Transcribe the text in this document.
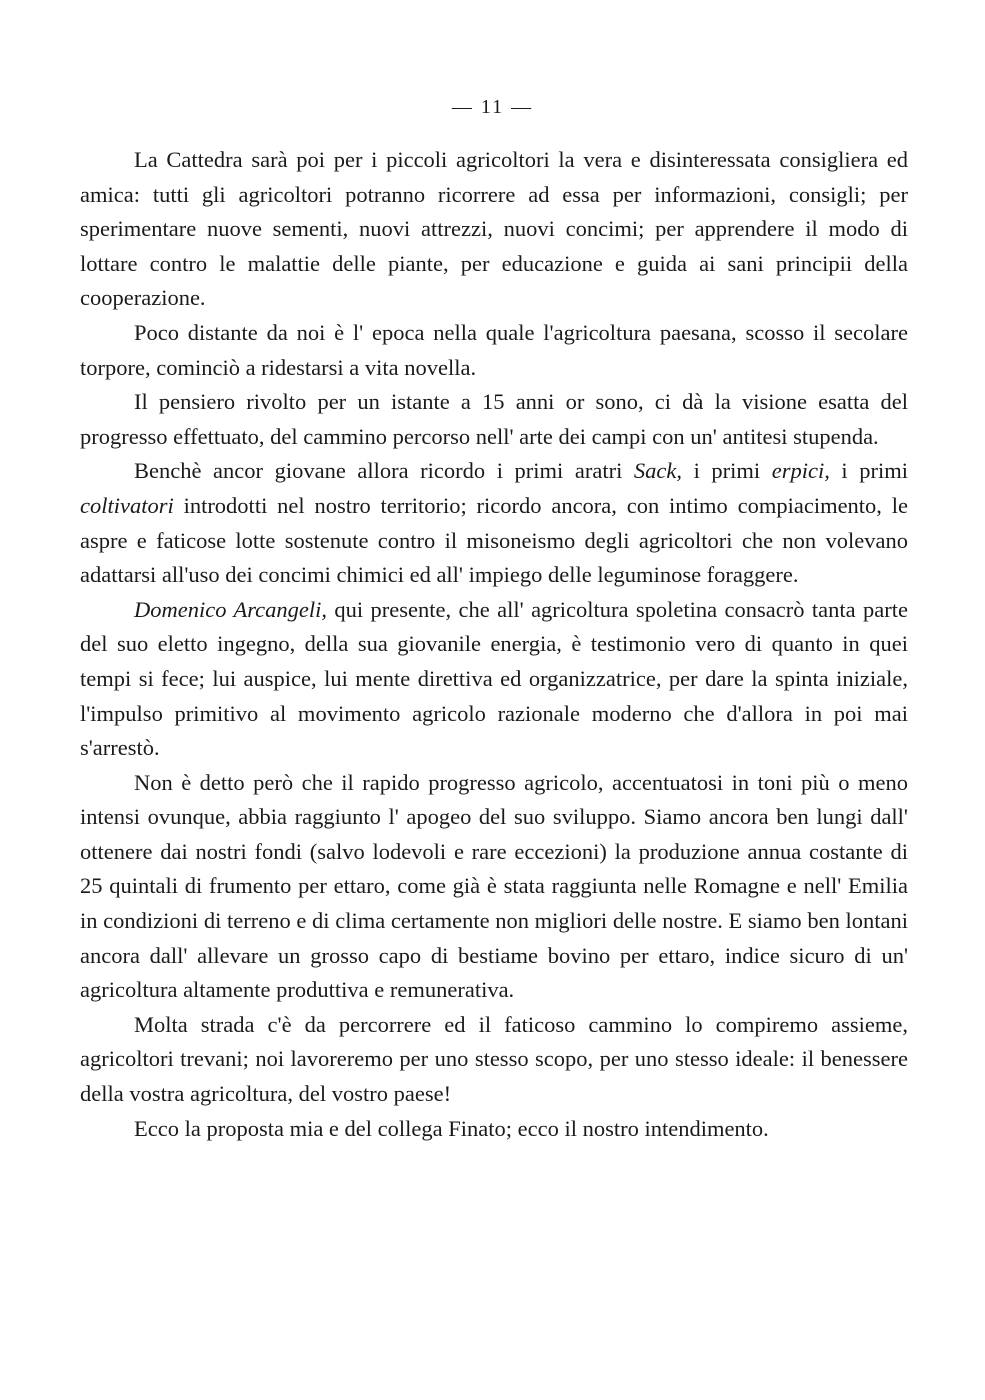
— 11 —

La Cattedra sarà poi per i piccoli agricoltori la vera e disinteressata consigliera ed amica: tutti gli agricoltori potranno ricorrere ad essa per informazioni, consigli; per sperimentare nuove sementi, nuovi attrezzi, nuovi concimi; per apprendere il modo di lottare contro le malattie delle piante, per educazione e guida ai sani principii della cooperazione.

Poco distante da noi è l' epoca nella quale l'agricoltura paesana, scosso il secolare torpore, cominciò a ridestarsi a vita novella.

Il pensiero rivolto per un istante a 15 anni or sono, ci dà la visione esatta del progresso effettuato, del cammino percorso nell' arte dei campi con un' antitesi stupenda.

Benchè ancor giovane allora ricordo i primi aratri Sack, i primi erpici, i primi coltivatori introdotti nel nostro territorio; ricordo ancora, con intimo compiacimento, le aspre e faticose lotte sostenute contro il misoneismo degli agricoltori che non volevano adattarsi all'uso dei concimi chimici ed all' impiego delle leguminose foraggere.

Domenico Arcangeli, qui presente, che all' agricoltura spoletina consacrò tanta parte del suo eletto ingegno, della sua giovanile energia, è testimonio vero di quanto in quei tempi si fece; lui auspice, lui mente direttiva ed organizzatrice, per dare la spinta iniziale, l'impulso primitivo al movimento agricolo razionale moderno che d'allora in poi mai s'arrestò.

Non è detto però che il rapido progresso agricolo, accentuatosi in toni più o meno intensi ovunque, abbia raggiunto l' apogeo del suo sviluppo. Siamo ancora ben lungi dall' ottenere dai nostri fondi (salvo lodevoli e rare eccezioni) la produzione annua costante di 25 quintali di frumento per ettaro, come già è stata raggiunta nelle Romagne e nell' Emilia in condizioni di terreno e di clima certamente non migliori delle nostre. E siamo ben lontani ancora dall' allevare un grosso capo di bestiame bovino per ettaro, indice sicuro di un' agricoltura altamente produttiva e remunerativa.

Molta strada c'è da percorrere ed il faticoso cammino lo compiremo assieme, agricoltori trevani; noi lavoreremo per uno stesso scopo, per uno stesso ideale: il benessere della vostra agricoltura, del vostro paese!

Ecco la proposta mia e del collega Finato; ecco il nostro intendimento.
